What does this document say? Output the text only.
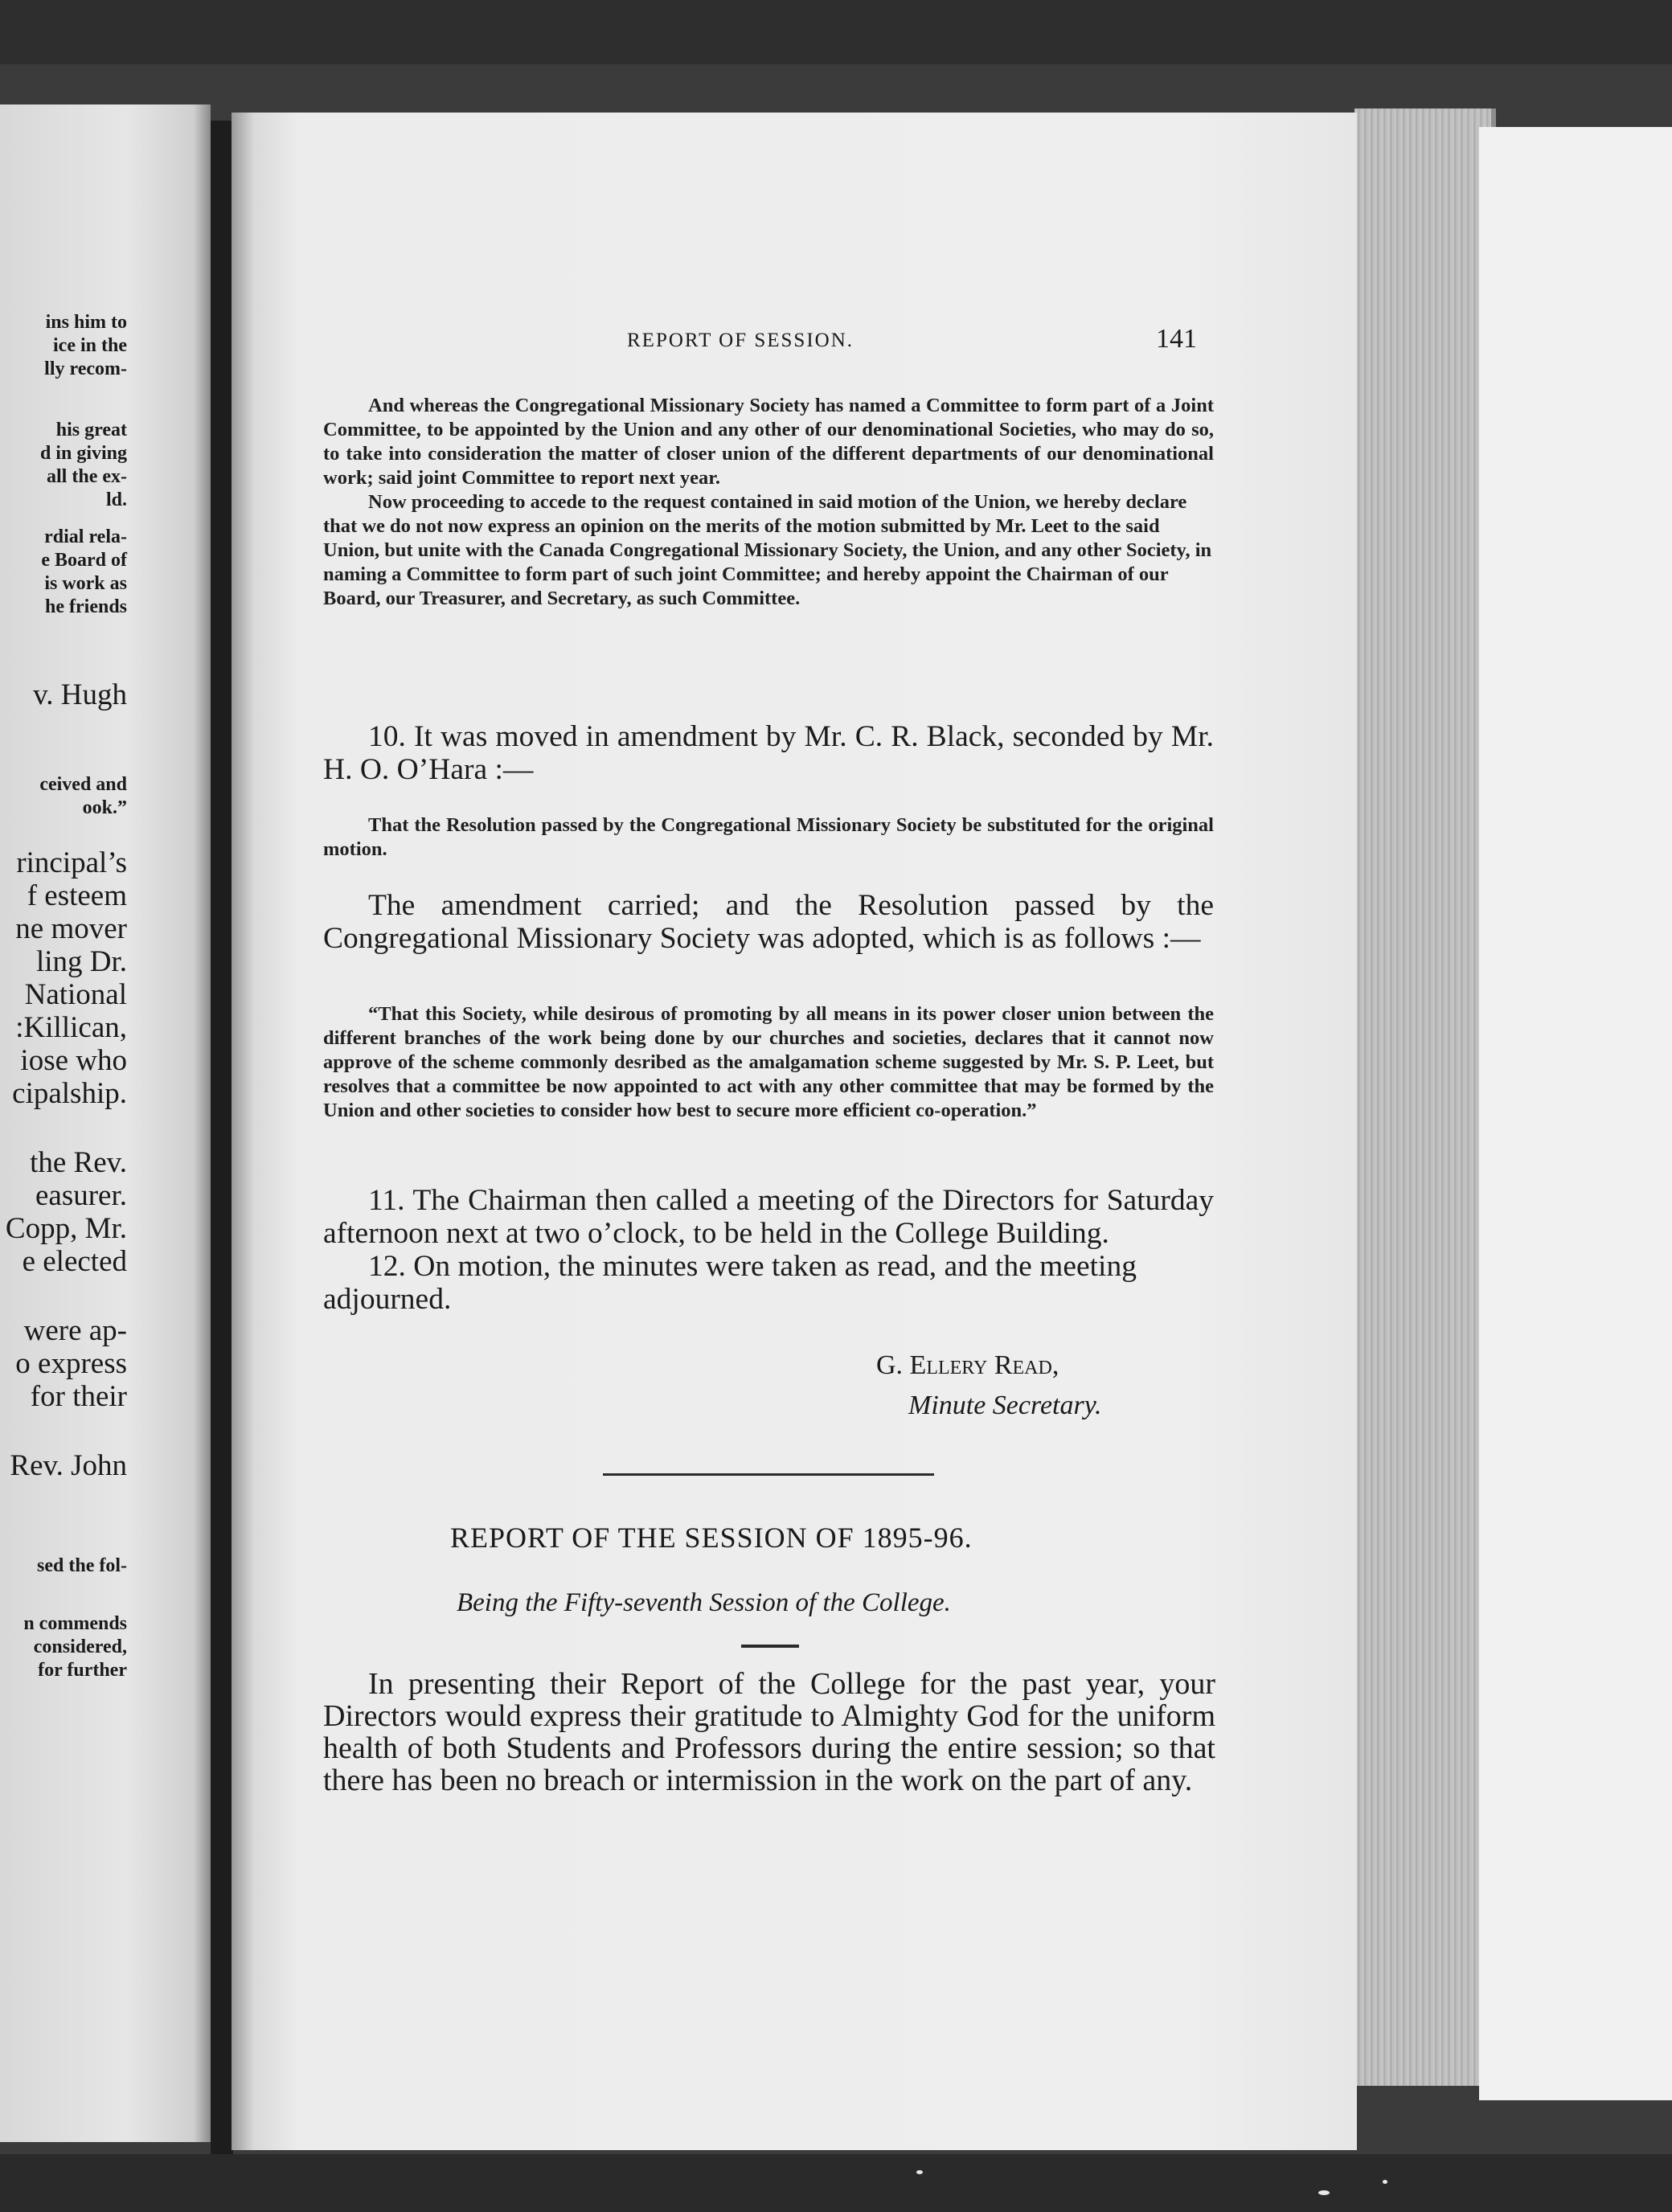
ins him to
ice in the
lly recom-
his great
d in giving
all the ex-
ld.
rdial rela-
e Board of
is work as
he friends
v. Hugh
ceived and
ook.”
rincipal’s
f esteem
ne mover
ling Dr.
National
:Killican,
iose who
cipalship.
the Rev.
easurer.
Copp, Mr.
e elected
were ap-
o express
for their
Rev. John
sed the fol-
n commends
considered,
for further
REPORT OF SESSION.	141

And whereas the Congregational Missionary Society has named a Committee to form part of a Joint Committee, to be appointed by the Union and any other of our denominational Societies, who may do so, to take into consideration the matter of closer union of the different departments of our denominational work; said joint Committee to report next year.

Now proceeding to accede to the request contained in said motion of the Union, we hereby declare that we do not now express an opinion on the merits of the motion submitted by Mr. Leet to the said Union, but unite with the Canada Congregational Missionary Society, the Union, and any other Society, in naming a Committee to form part of such joint Committee; and hereby appoint the Chairman of our Board, our Treasurer, and Secretary, as such Committee.

10. It was moved in amendment by Mr. C. R. Black, seconded by Mr. H. O. O’Hara :—

That the Resolution passed by the Congregational Missionary Society be substituted for the original motion.

The amendment carried; and the Resolution passed by the Congregational Missionary Society was adopted, which is as follows :—

“That this Society, while desirous of promoting by all means in its power closer union between the different branches of the work being done by our churches and societies, declares that it cannot now approve of the scheme commonly desribed as the amalgamation scheme suggested by Mr. S. P. Leet, but resolves that a committee be now appointed to act with any other committee that may be formed by the Union and other societies to consider how best to secure more efficient co-operation.”

11. The Chairman then called a meeting of the Directors for Saturday afternoon next at two o’clock, to be held in the College Building.

12. On motion, the minutes were taken as read, and the meeting adjourned.

G. Ellery Read,
Minute Secretary.
REPORT OF THE SESSION OF 1895-96.
Being the Fifty-seventh Session of the College.

In presenting their Report of the College for the past year, your Directors would express their gratitude to Almighty God for the uniform health of both Students and Professors during the entire session; so that there has been no breach or intermission in the work on the part of any.
